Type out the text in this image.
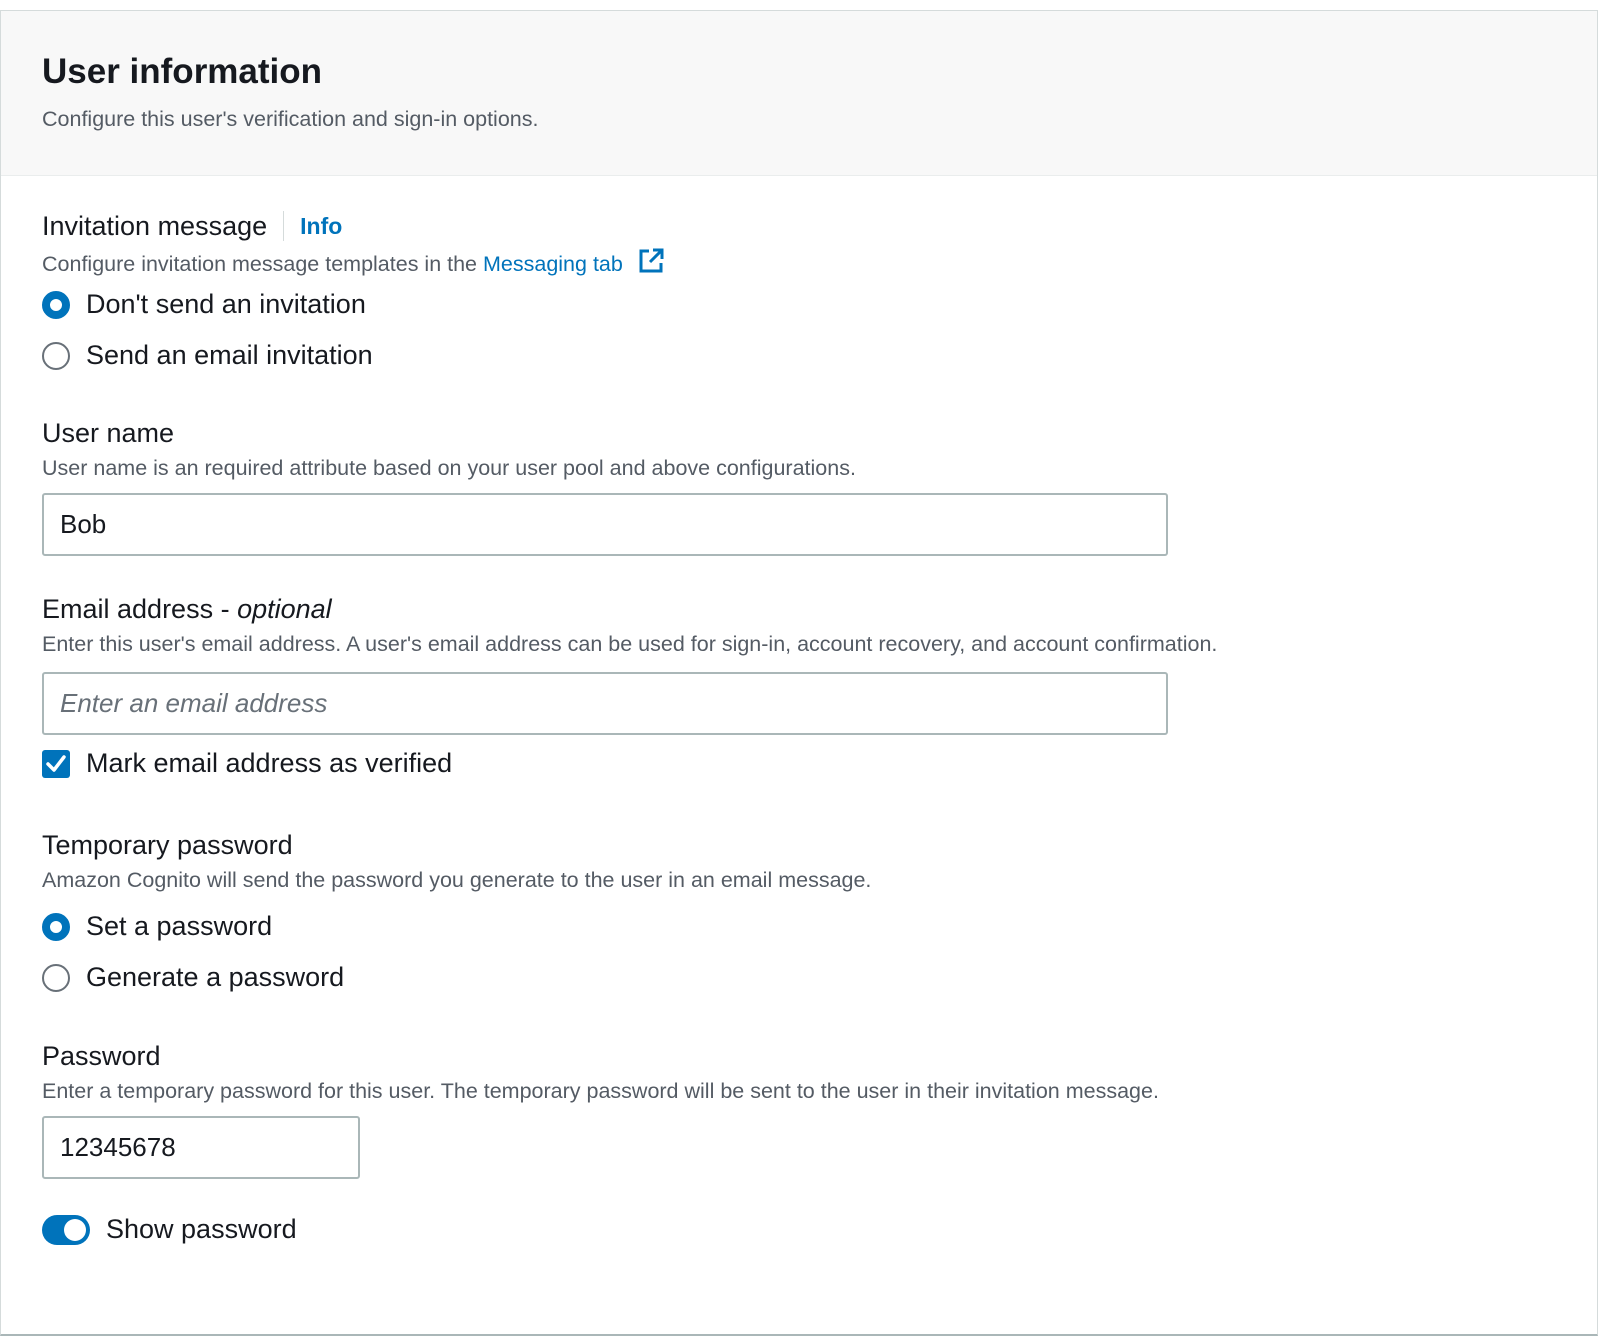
User information
Configure this user's verification and sign-in options.
Invitation message Info
Configure invitation message templates in the Messaging tab
Don't send an invitation
Send an email invitation
User name
User name is an required attribute based on your user pool and above configurations.
Bob
Email address - optional
Enter this user's email address. A user's email address can be used for sign-in, account recovery, and account confirmation.
Enter an email address
Mark email address as verified
Temporary password
Amazon Cognito will send the password you generate to the user in an email message.
Set a password
Generate a password
Password
Enter a temporary password for this user. The temporary password will be sent to the user in their invitation message.
12345678
Show password
